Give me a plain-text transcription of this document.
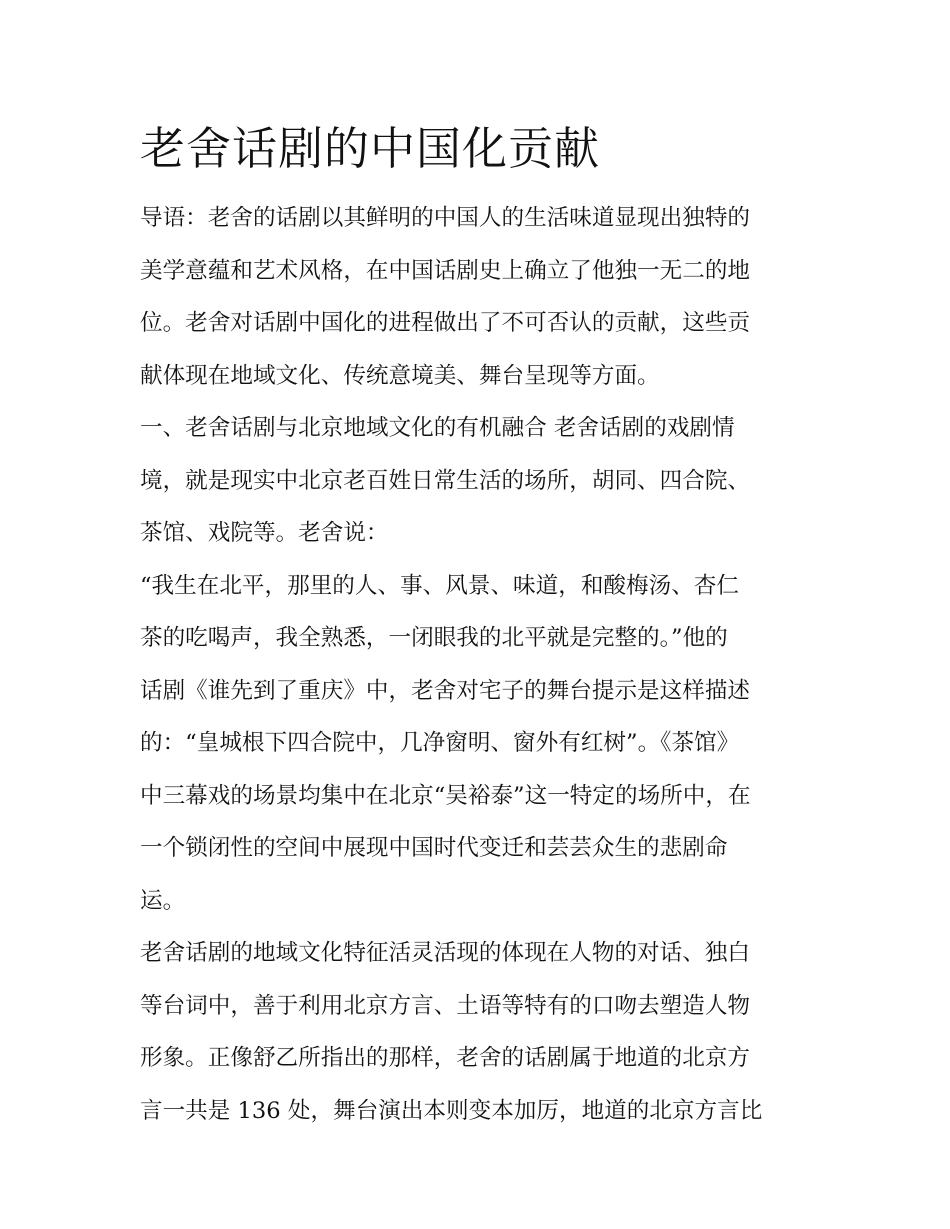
老舍话剧的中国化贡献

导语：老舍的话剧以其鲜明的中国人的生活味道显现出独特的
美学意蕴和艺术风格，在中国话剧史上确立了他独一无二的地
位。老舍对话剧中国化的进程做出了不可否认的贡献，这些贡
献体现在地域文化、传统意境美、舞台呈现等方面。

一、老舍话剧与北京地域文化的有机融合 老舍话剧的戏剧情
境，就是现实中北京老百姓日常生活的场所，胡同、四合院、
茶馆、戏院等。老舍说：

“我生在北平，那里的人、事、风景、味道，和酸梅汤、杏仁
茶的吃喝声，我全熟悉，一闭眼我的北平就是完整的。”他的
话剧《谁先到了重庆》中，老舍对宅子的舞台提示是这样描述
的：“皇城根下四合院中，几净窗明、窗外有红树”。《茶馆》
中三幕戏的场景均集中在北京“吴裕泰”这一特定的场所中，在
一个锁闭性的空间中展现中国时代变迁和芸芸众生的悲剧命
运。

老舍话剧的地域文化特征活灵活现的体现在人物的对话、独白
等台词中，善于利用北京方言、土语等特有的口吻去塑造人物
形象。正像舒乙所指出的那样，老舍的话剧属于地道的北京方
言一共是 136 处，舞台演出本则变本加厉，地道的北京方言比
